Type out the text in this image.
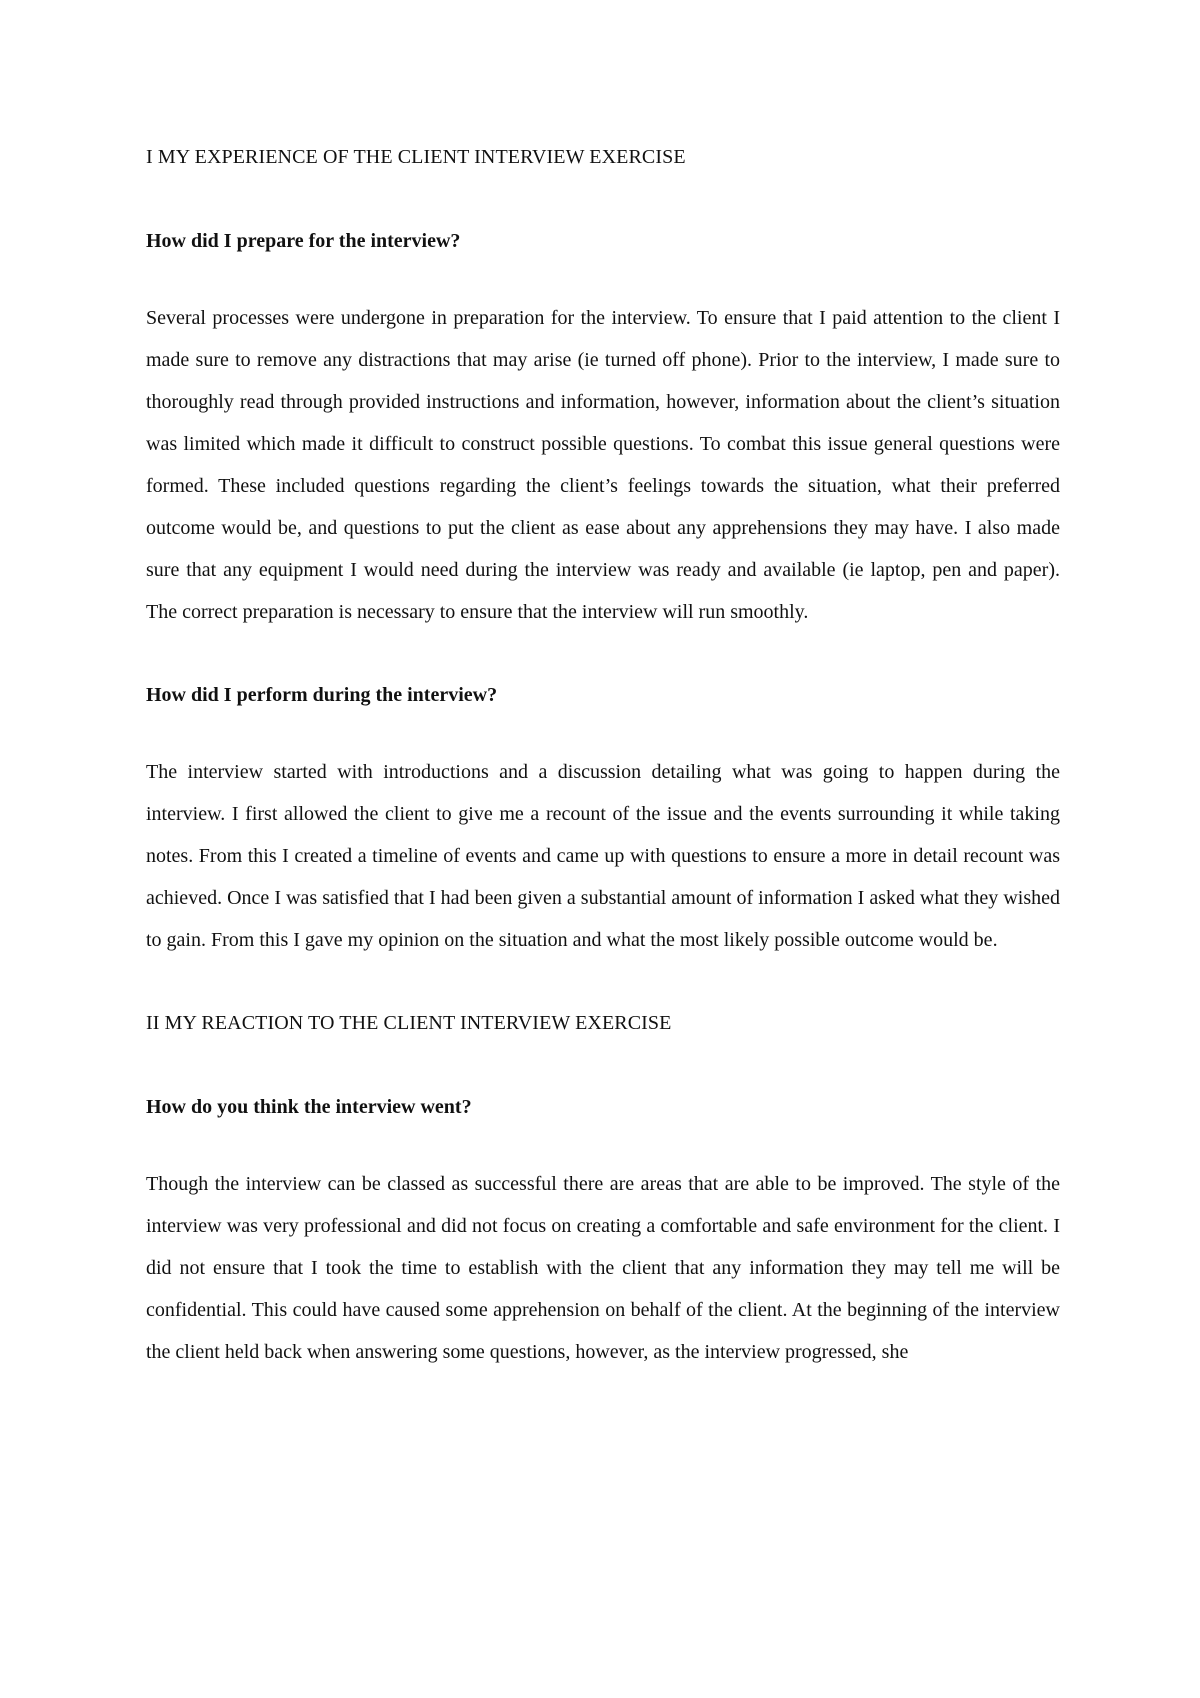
I MY EXPERIENCE OF THE CLIENT INTERVIEW EXERCISE
How did I prepare for the interview?

Several processes were undergone in preparation for the interview. To ensure that I paid attention to the client I made sure to remove any distractions that may arise (ie turned off phone). Prior to the interview, I made sure to thoroughly read through provided instructions and information, however, information about the client’s situation was limited which made it difficult to construct possible questions. To combat this issue general questions were formed. These included questions regarding the client’s feelings towards the situation, what their preferred outcome would be, and questions to put the client as ease about any apprehensions they may have. I also made sure that any equipment I would need during the interview was ready and available (ie laptop, pen and paper). The correct preparation is necessary to ensure that the interview will run smoothly.

How did I perform during the interview?

The interview started with introductions and a discussion detailing what was going to happen during the interview. I first allowed the client to give me a recount of the issue and the events surrounding it while taking notes. From this I created a timeline of events and came up with questions to ensure a more in detail recount was achieved. Once I was satisfied that I had been given a substantial amount of information I asked what they wished to gain. From this I gave my opinion on the situation and what the most likely possible outcome would be.

II MY REACTION TO THE CLIENT INTERVIEW EXERCISE
How do you think the interview went?

Though the interview can be classed as successful there are areas that are able to be improved. The style of the interview was very professional and did not focus on creating a comfortable and safe environment for the client. I did not ensure that I took the time to establish with the client that any information they may tell me will be confidential. This could have caused some apprehension on behalf of the client. At the beginning of the interview the client held back when answering some questions, however, as the interview progressed, she
